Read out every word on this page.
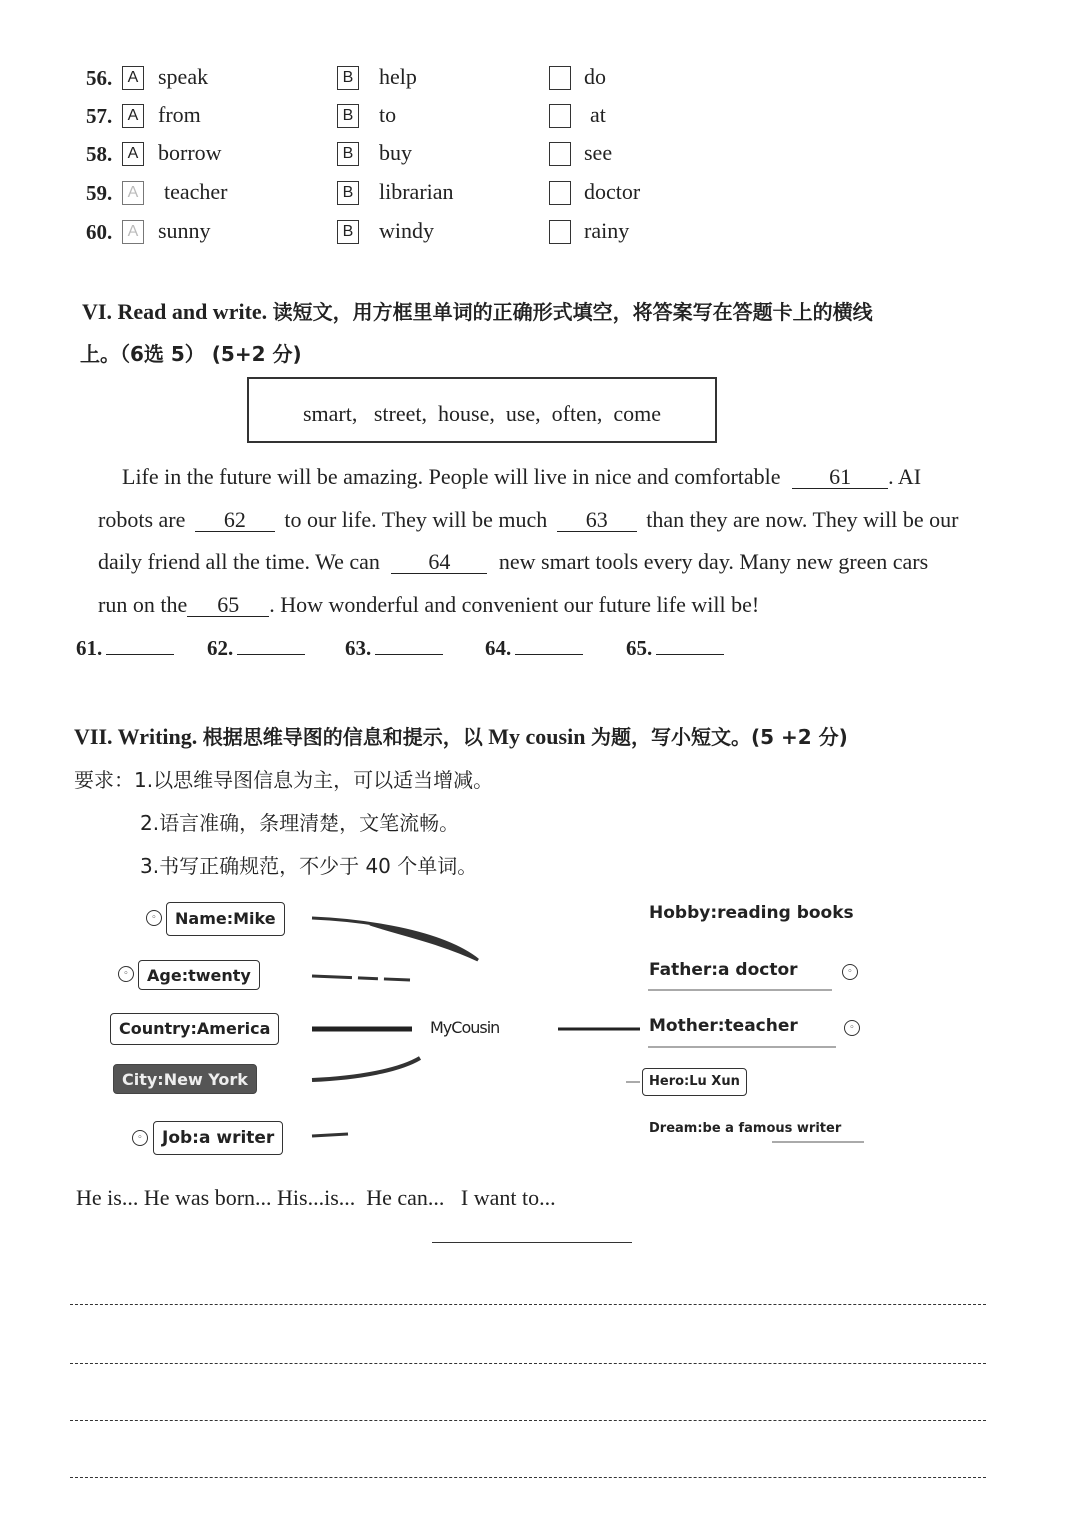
56. A speak	B help	do
57. A from	B to	at
58. A borrow	B buy	see
59. A teacher	B librarian	doctor
60. A sunny	B windy	rainy
VI. Read and write. 读短文，用方框里单词的正确形式填空，将答案写在答题卡上的横线
上。（6选 5） (5+2 分)
smart,   street,  house,  use,  often,  come
Life in the future will be amazing. People will live in nice and comfortable 61 . AI
robots are 62 to our life. They will be much 63 than they are now. They will be our
daily friend all the time. We can 64 new smart tools every day. Many new green cars
run on the 65 . How wonderful and convenient our future life will be!
61.	62.	63.	64.	65.
VII. Writing. 根据思维导图的信息和提示，以 My cousin 为题，写小短文。(5 +2 分)
要求：1.以思维导图信息为主，可以适当增减。
2.语言准确，条理清楚，文笔流畅。
3.书写正确规范，不少于 40 个单词。
◦	Name:Mike
◦	Age:twenty
Country:America
City:New York
◦	Job:a writer
MyCousin
Hobby:reading books
Father:a doctor	◦
Mother:teacher	◦
Hero:Lu Xun
Dream:be a famous writer
He is... He was born... His...is...  He can...   I want to...
